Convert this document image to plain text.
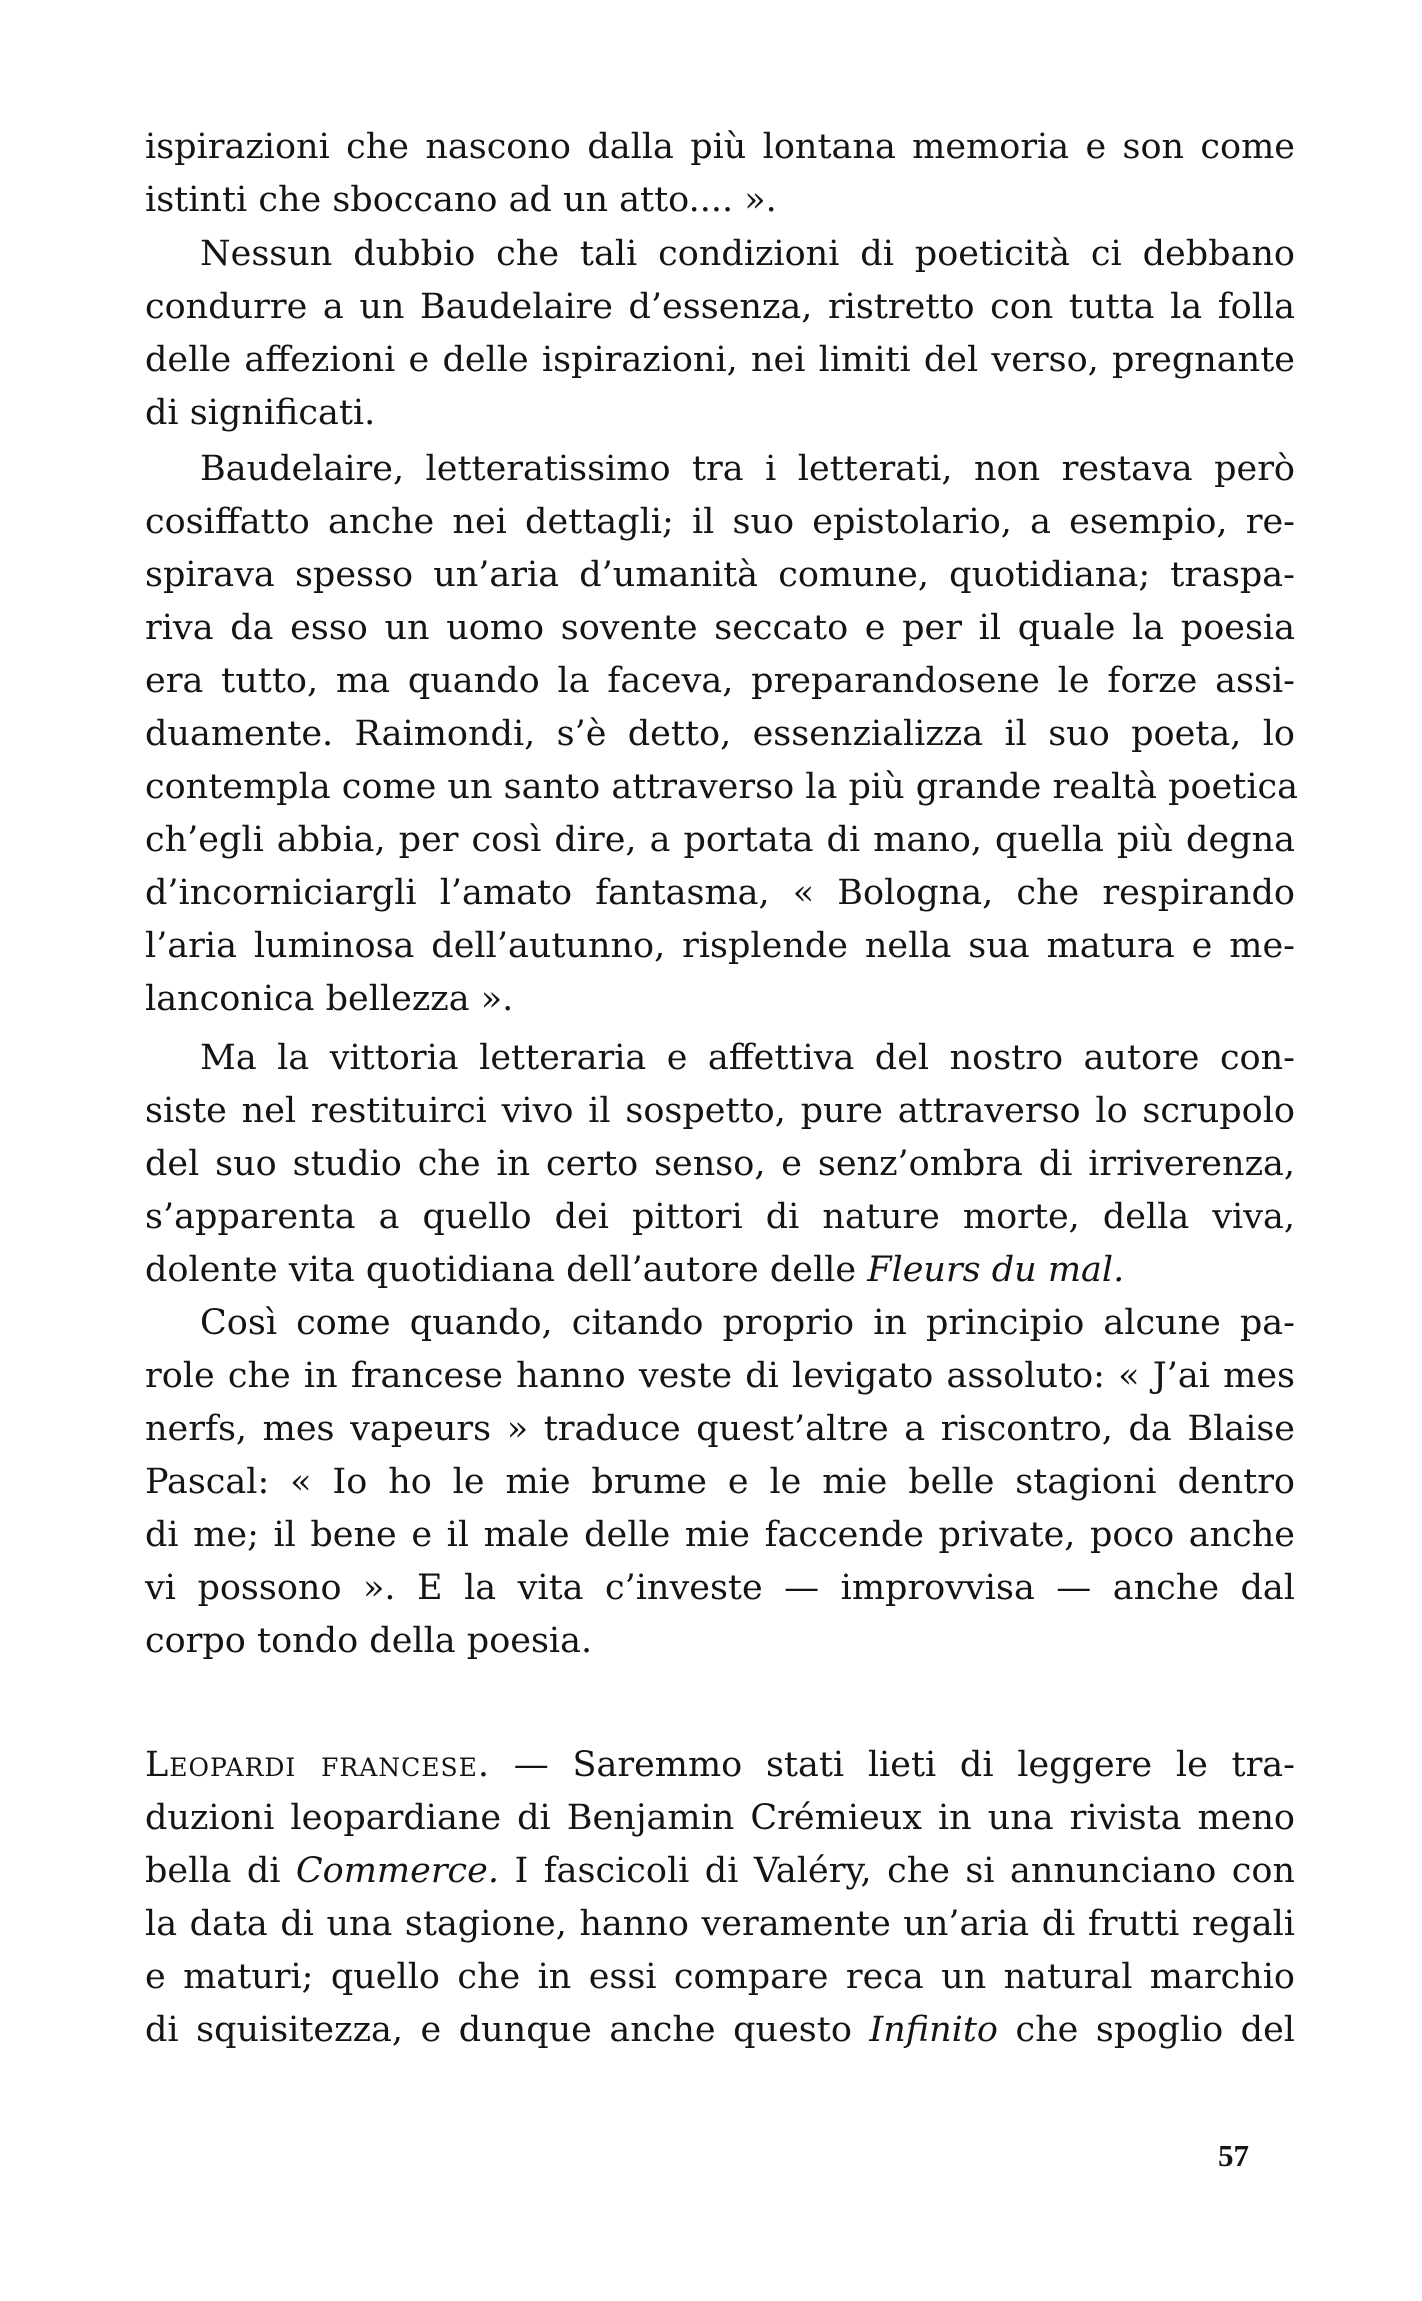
ispirazioni che nascono dalla più lontana memoria e son come
istinti che sboccano ad un atto.... ».
Nessun dubbio che tali condizioni di poeticità ci debbano
condurre a un Baudelaire d’essenza, ristretto con tutta la folla
delle affezioni e delle ispirazioni, nei limiti del verso, pregnante
di significati.
Baudelaire, letteratissimo tra i letterati, non restava però
cosiffatto anche nei dettagli; il suo epistolario, a esempio, re-
spirava spesso un’aria d’umanità comune, quotidiana; traspa-
riva da esso un uomo sovente seccato e per il quale la poesia
era tutto, ma quando la faceva, preparandosene le forze assi-
duamente. Raimondi, s’è detto, essenzializza il suo poeta, lo
contempla come un santo attraverso la più grande realtà poetica
ch’egli abbia, per così dire, a portata di mano, quella più degna
d’incorniciargli l’amato fantasma, « Bologna, che respirando
l’aria luminosa dell’autunno, risplende nella sua matura e me-
lanconica bellezza ».
Ma la vittoria letteraria e affettiva del nostro autore con-
siste nel restituirci vivo il sospetto, pure attraverso lo scrupolo
del suo studio che in certo senso, e senz’ombra di irriverenza,
s’apparenta a quello dei pittori di nature morte, della viva,
dolente vita quotidiana dell’autore delle Fleurs du mal.
Così come quando, citando proprio in principio alcune pa-
role che in francese hanno veste di levigato assoluto: « J’ai mes
nerfs, mes vapeurs » traduce quest’altre a riscontro, da Blaise
Pascal: « Io ho le mie brume e le mie belle stagioni dentro
di me; il bene e il male delle mie faccende private, poco anche
vi possono ». E la vita c’investe — improvvisa — anche dal
corpo tondo della poesia.
Leopardi francese. — Saremmo stati lieti di leggere le tra-
duzioni leopardiane di Benjamin Crémieux in una rivista meno
bella di Commerce. I fascicoli di Valéry, che si annunciano con
la data di una stagione, hanno veramente un’aria di frutti regali
e maturi; quello che in essi compare reca un natural marchio
di squisitezza, e dunque anche questo Infinito che spoglio del
57
